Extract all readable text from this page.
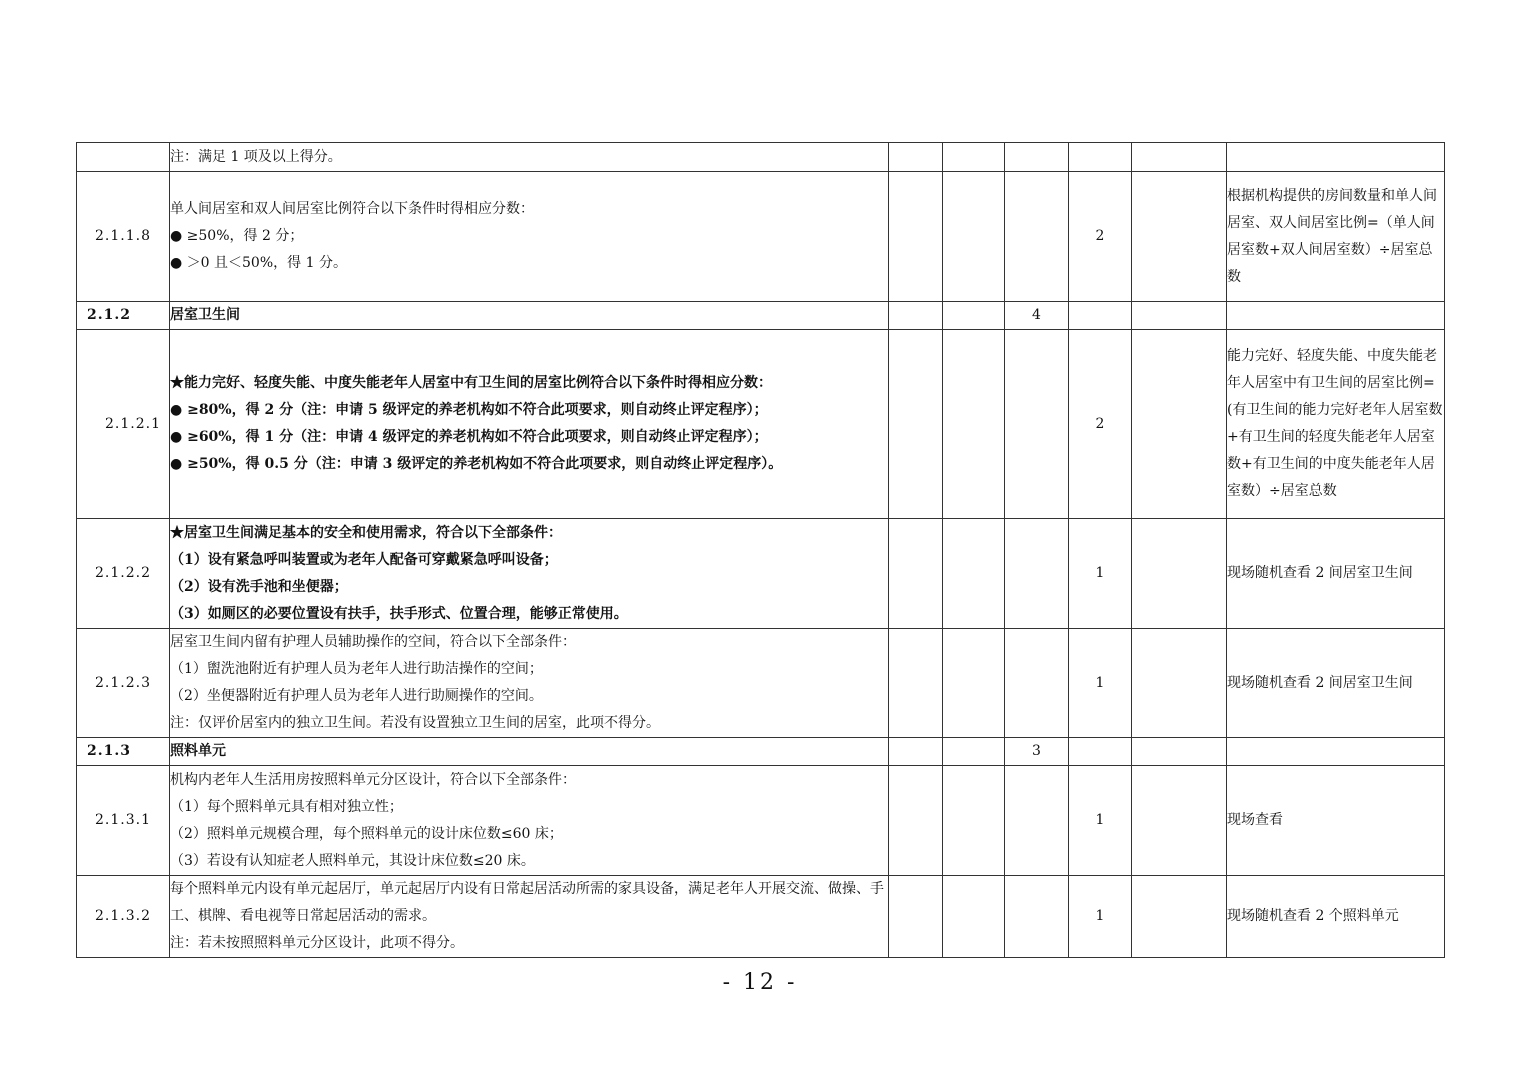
	注：满足 1 项及以上得分。						

2.1.1.8	单人间居室和双人间居室比例符合以下条件时得相应分数：
● ≥50%，得 2 分；
● ＞0 且＜50%，得 1 分。				2		根据机构提供的房间数量和单人间居室、双人间居室比例=（单人间居室数+双人间居室数）÷居室总数

2.1.2	居室卫生间			4			
2.1.2.1	★能力完好、轻度失能、中度失能老年人居室中有卫生间的居室比例符合以下条件时得相应分数：
● ≥80%，得 2 分（注：申请 5 级评定的养老机构如不符合此项要求，则自动终止评定程序）；
● ≥60%，得 1 分（注：申请 4 级评定的养老机构如不符合此项要求，则自动终止评定程序）；
● ≥50%，得 0.5 分（注：申请 3 级评定的养老机构如不符合此项要求，则自动终止评定程序）。				2		能力完好、轻度失能、中度失能老年人居室中有卫生间的居室比例=(有卫生间的能力完好老年人居室数+有卫生间的轻度失能老年人居室数+有卫生间的中度失能老年人居室数）÷居室总数

2.1.2.2	★居室卫生间满足基本的安全和使用需求，符合以下全部条件：
（1）设有紧急呼叫装置或为老年人配备可穿戴紧急呼叫设备；
（2）设有洗手池和坐便器；
（3）如厕区的必要位置设有扶手，扶手形式、位置合理，能够正常使用。				1		现场随机查看 2 间居室卫生间

2.1.2.3	居室卫生间内留有护理人员辅助操作的空间，符合以下全部条件：
（1）盥洗池附近有护理人员为老年人进行助洁操作的空间；
（2）坐便器附近有护理人员为老年人进行助厕操作的空间。
注：仅评价居室内的独立卫生间。若没有设置独立卫生间的居室，此项不得分。				1		现场随机查看 2 间居室卫生间

2.1.3	照料单元			3			
2.1.3.1	机构内老年人生活用房按照料单元分区设计，符合以下全部条件：
（1）每个照料单元具有相对独立性；
（2）照料单元规模合理，每个照料单元的设计床位数≤60 床；
（3）若设有认知症老人照料单元，其设计床位数≤20 床。				1		现场查看

2.1.3.2	每个照料单元内设有单元起居厅，单元起居厅内设有日常起居活动所需的家具设备，满足老年人开展交流、做操、手工、棋牌、看电视等日常起居活动的需求。
注：若未按照照料单元分区设计，此项不得分。				1		现场随机查看 2 个照料单元
- 12 -
